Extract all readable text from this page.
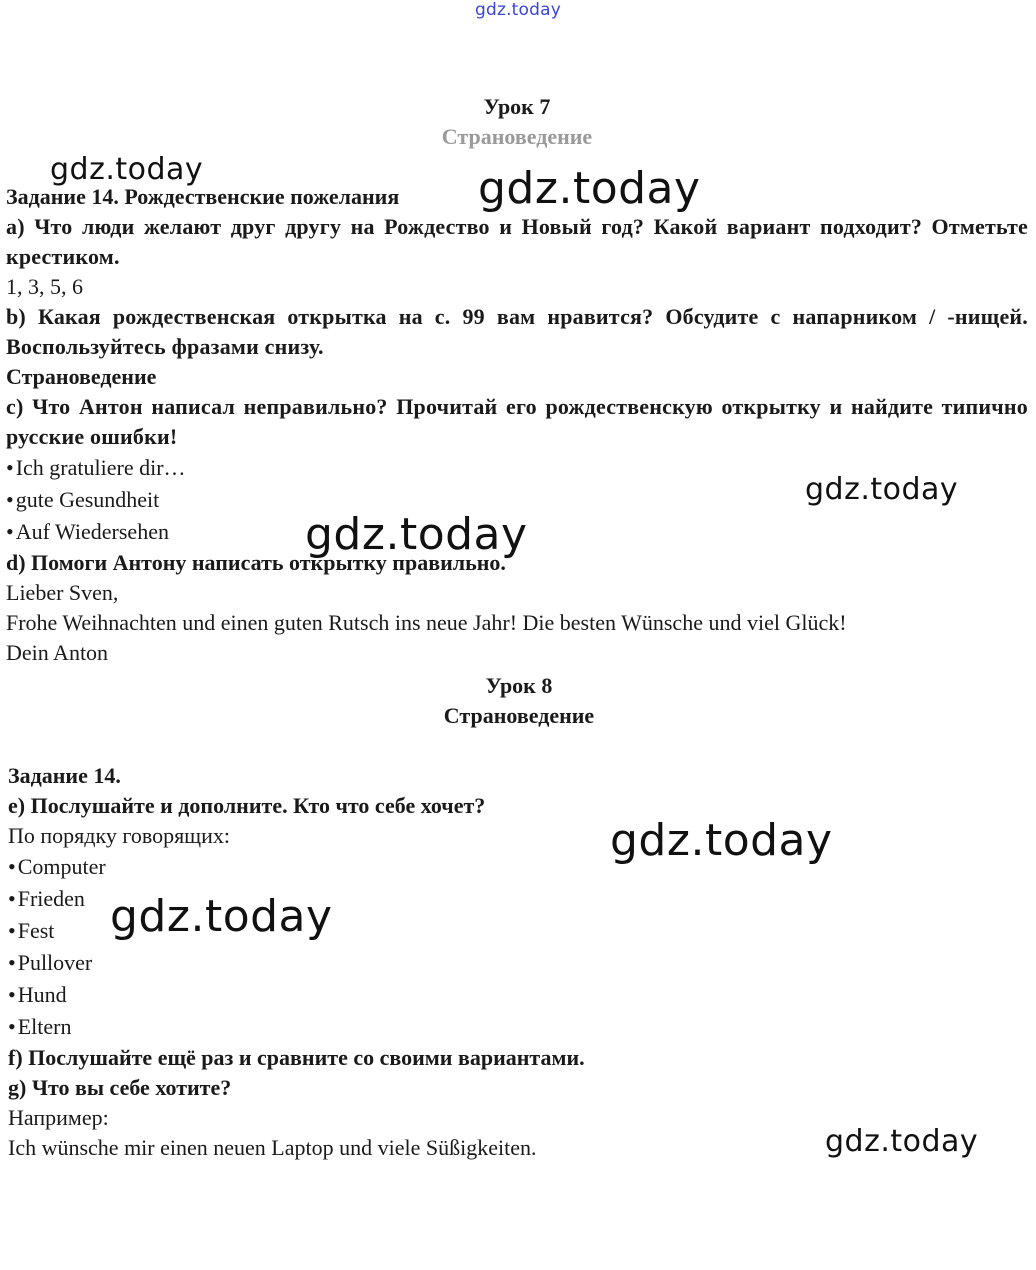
gdz.today
Урок 7
Страноведение
Задание 14. Рождественские пожелания
a) Что люди желают друг другу на Рождество и Новый год? Какой вариант подходит? Отметьте крестиком.
1, 3, 5, 6
b) Какая рождественская открытка на с. 99 вам нравится? Обсудите с напарником / -нищей. Воспользуйтесь фразами снизу.
Страноведение
c) Что Антон написал неправильно? Прочитай его рождественскую открытку и найдите типично русские ошибки!
•Ich gratuliere dir…
•gute Gesundheit
•Auf Wiedersehen
d) Помоги Антону написать открытку правильно.
Lieber Sven,
Frohe Weihnachten und einen guten Rutsch ins neue Jahr! Die besten Wünsche und viel Glück!
Dein Anton
Урок 8
Страноведение
Задание 14.
e) Послушайте и дополните. Кто что себе хочет?
По порядку говорящих:
•Computer
•Frieden
•Fest
•Pullover
•Hund
•Eltern
f) Послушайте ещё раз и сравните со своими вариантами.
g) Что вы себе хотите?
Например:
Ich wünsche mir einen neuen Laptop und viele Süßigkeiten.
gdz.today	gdz.today
gdz.today
gdz.today
gdz.today
gdz.today
gdz.today
